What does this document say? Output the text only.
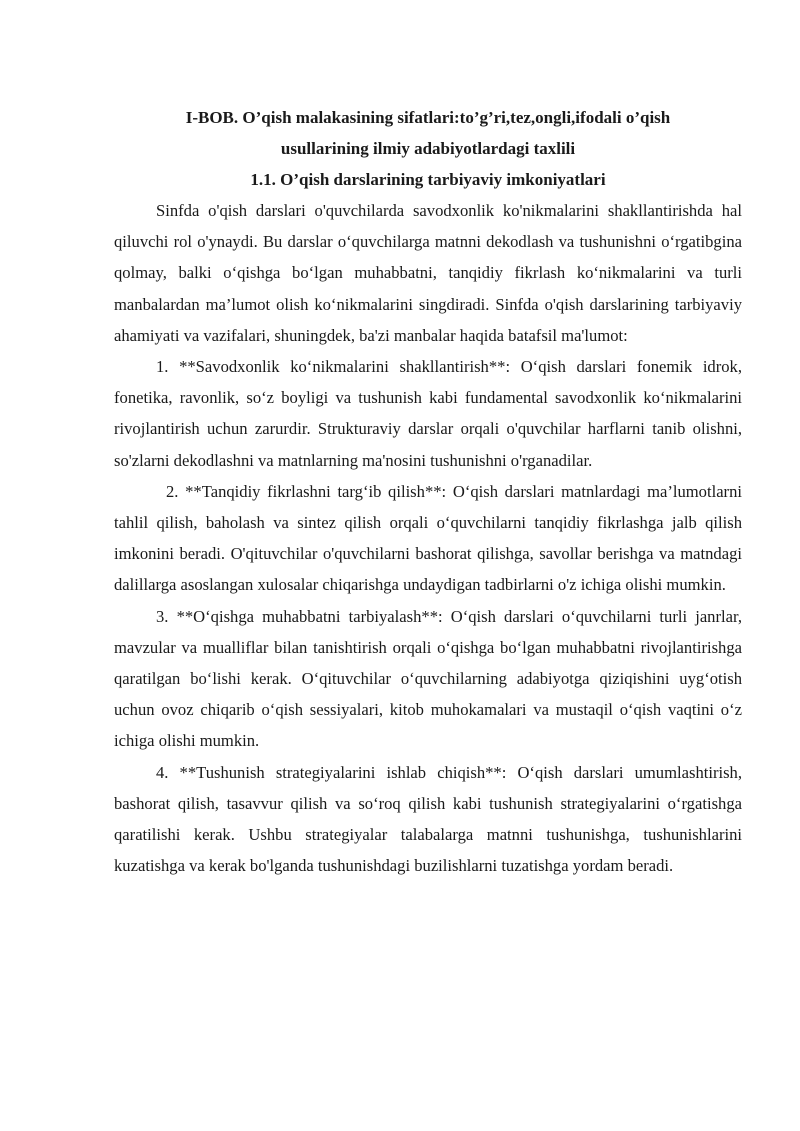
I-BOB. O’qish malakasining sifatlari:to’g’ri,tez,ongli,ifodali o’qish
usullarining ilmiy adabiyotlardagi taxlili
1.1. O’qish darslarining tarbiyaviy imkoniyatlari

Sinfda o'qish darslari o'quvchilarda savodxonlik ko'nikmalarini shakllantirishda hal qiluvchi rol o'ynaydi. Bu darslar o‘quvchilarga matnni dekodlash va tushunishni o‘rgatibgina qolmay, balki o‘qishga bo‘lgan muhabbatni, tanqidiy fikrlash ko‘nikmalarini va turli manbalardan ma’lumot olish ko‘nikmalarini singdiradi. Sinfda o'qish darslarining tarbiyaviy ahamiyati va vazifalari, shuningdek, ba'zi manbalar haqida batafsil ma'lumot:

1. **Savodxonlik ko‘nikmalarini shakllantirish**: O‘qish darslari fonemik idrok, fonetika, ravonlik, so‘z boyligi va tushunish kabi fundamental savodxonlik ko‘nikmalarini rivojlantirish uchun zarurdir. Strukturaviy darslar orqali o'quvchilar harflarni tanib olishni, so'zlarni dekodlashni va matnlarning ma'nosini tushunishni o'rganadilar.

2. **Tanqidiy fikrlashni targ‘ib qilish**: O‘qish darslari matnlardagi ma’lumotlarni tahlil qilish, baholash va sintez qilish orqali o‘quvchilarni tanqidiy fikrlashga jalb qilish imkonini beradi. O'qituvchilar o'quvchilarni bashorat qilishga, savollar berishga va matndagi dalillarga asoslangan xulosalar chiqarishga undaydigan tadbirlarni o'z ichiga olishi mumkin.

3. **O‘qishga muhabbatni tarbiyalash**: O‘qish darslari o‘quvchilarni turli janrlar, mavzular va mualliflar bilan tanishtirish orqali o‘qishga bo‘lgan muhabbatni rivojlantirishga qaratilgan bo‘lishi kerak. O‘qituvchilar o‘quvchilarning adabiyotga qiziqishini uyg‘otish uchun ovoz chiqarib o‘qish sessiyalari, kitob muhokamalari va mustaqil o‘qish vaqtini o‘z ichiga olishi mumkin.

4. **Tushunish strategiyalarini ishlab chiqish**: O‘qish darslari umumlashtirish, bashorat qilish, tasavvur qilish va so‘roq qilish kabi tushunish strategiyalarini o‘rgatishga qaratilishi kerak. Ushbu strategiyalar talabalarga matnni tushunishga, tushunishlarini kuzatishga va kerak bo'lganda tushunishdagi buzilishlarni tuzatishga yordam beradi.
